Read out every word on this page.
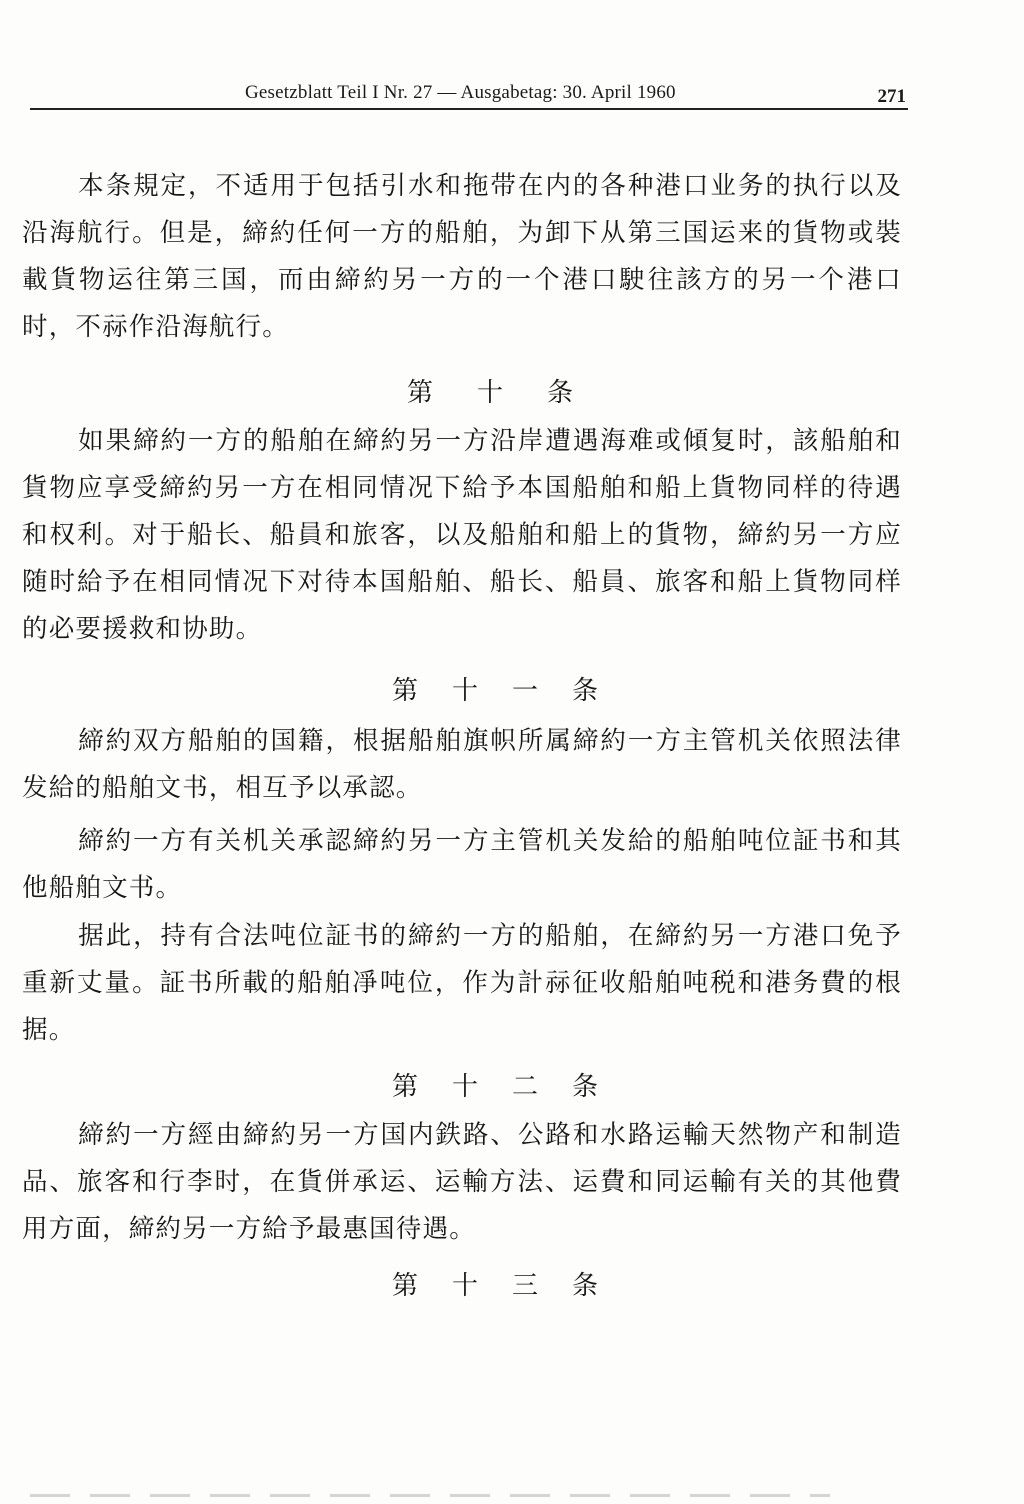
Gesetzblatt Teil I Nr. 27 — Ausgabetag: 30. April 1960	271

本条規定，不适用于包括引水和拖带在内的各种港口业务的执行以及沿海航行。但是，締約任何一方的船舶，为卸下从第三国运来的貨物或裝載貨物运往第三国，而由締約另一方的一个港口駛往該方的另一个港口时，不祘作沿海航行。

第十条

如果締約一方的船舶在締約另一方沿岸遭遇海难或傾复时，該船舶和貨物应享受締約另一方在相同情况下給予本国船舶和船上貨物同样的待遇和权利。对于船长、船員和旅客，以及船舶和船上的貨物，締約另一方应随时給予在相同情况下对待本国船舶、船长、船員、旅客和船上貨物同样的必要援救和协助。

第十一条

締約双方船舶的国籍，根据船舶旗帜所属締約一方主管机关依照法律发給的船舶文书，相互予以承認。

締約一方有关机关承認締約另一方主管机关发給的船舶吨位証书和其他船舶文书。

据此，持有合法吨位証书的締約一方的船舶，在締約另一方港口免予重新丈量。証书所載的船舶凈吨位，作为計祘征收船舶吨税和港务費的根据。

第十二条

締約一方經由締約另一方国内鉄路、公路和水路运輸天然物产和制造品、旅客和行李时，在貨併承运、运輸方法、运費和同运輸有关的其他費用方面，締約另一方給予最惠国待遇。

第十三条
